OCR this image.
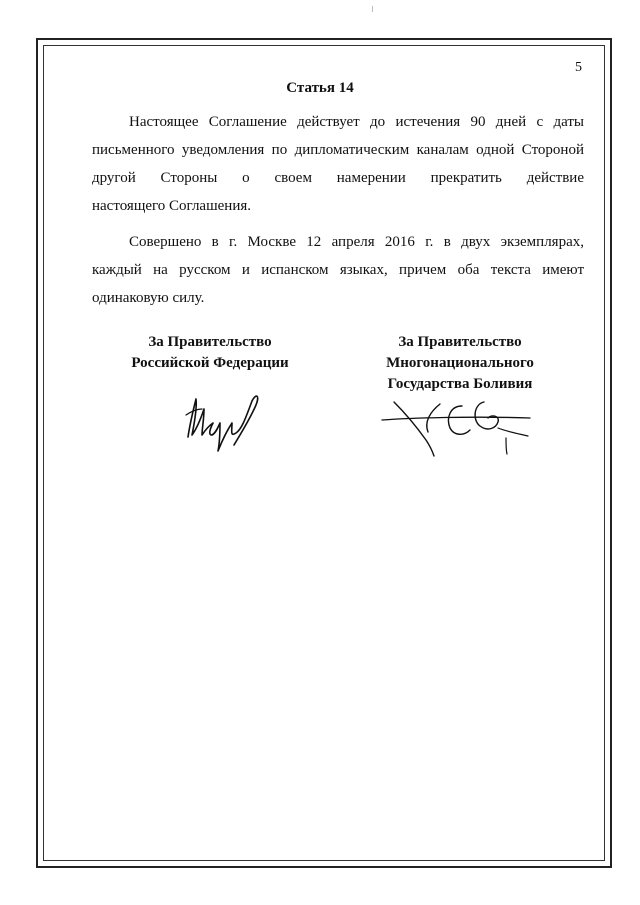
5
Статья 14
Настоящее Соглашение действует до истечения 90 дней с даты
письменного уведомления по дипломатическим каналам одной Стороной
другой Стороны о своем намерении прекратить действие
настоящего Соглашения.
Совершено в г. Москве 12 апреля 2016 г. в двух экземплярах,
каждый на русском и испанском языках, причем оба текста имеют
одинаковую силу.
За Правительство
Российской Федерации
За Правительство
Многонационального
Государства Боливия
